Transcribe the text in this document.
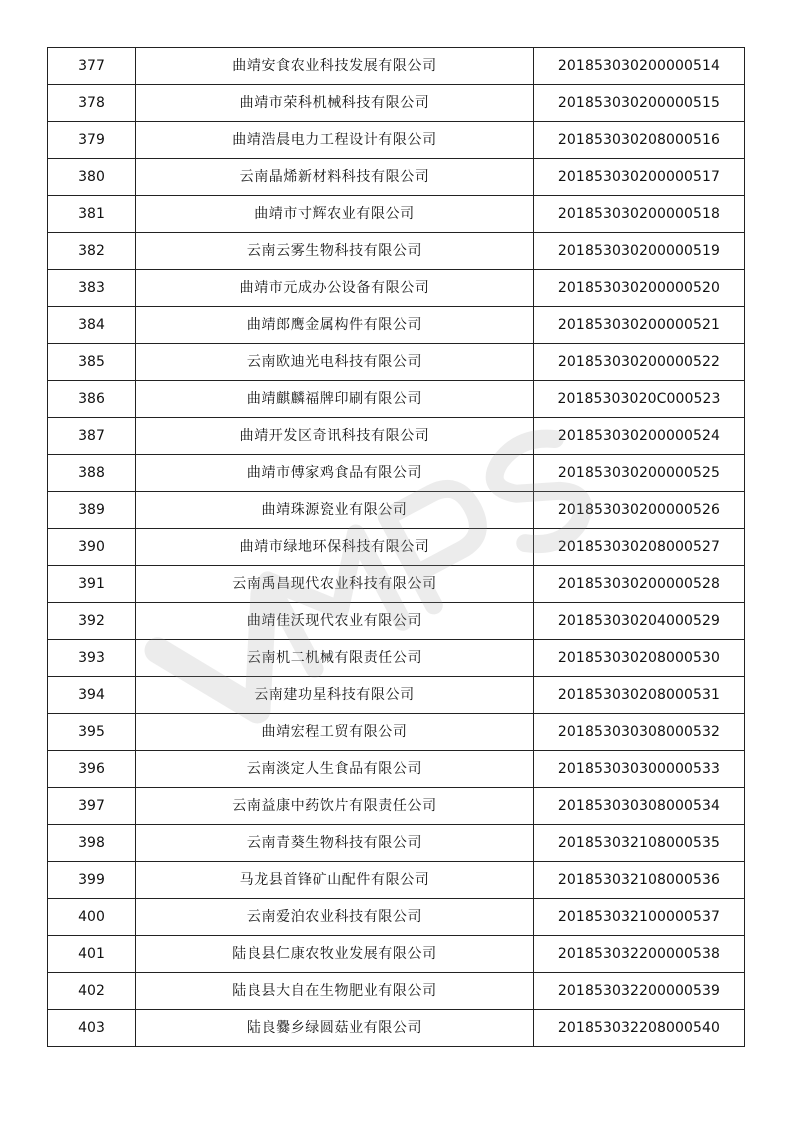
377	曲靖安食农业科技发展有限公司	201853030200000514
378	曲靖市荣科机械科技有限公司	201853030200000515
379	曲靖浩晨电力工程设计有限公司	201853030208000516
380	云南晶烯新材料科技有限公司	201853030200000517
381	曲靖市寸辉农业有限公司	201853030200000518
382	云南云雾生物科技有限公司	201853030200000519
383	曲靖市元成办公设备有限公司	201853030200000520
384	曲靖郎鹰金属构件有限公司	201853030200000521
385	云南欧迪光电科技有限公司	201853030200000522
386	曲靖麒麟福牌印刷有限公司	20185303020C000523
387	曲靖开发区奇讯科技有限公司	201853030200000524
388	曲靖市傅家鸡食品有限公司	201853030200000525
389	曲靖珠源瓷业有限公司	201853030200000526
390	曲靖市绿地环保科技有限公司	201853030208000527
391	云南禹昌现代农业科技有限公司	201853030200000528
392	曲靖佳沃现代农业有限公司	201853030204000529
393	云南机二机械有限责任公司	201853030208000530
394	云南建功星科技有限公司	201853030208000531
395	曲靖宏程工贸有限公司	201853030308000532
396	云南淡定人生食品有限公司	201853030300000533
397	云南益康中药饮片有限责任公司	201853030308000534
398	云南青葵生物科技有限公司	201853032108000535
399	马龙县首锋矿山配件有限公司	201853032108000536
400	云南爱泊农业科技有限公司	201853032100000537
401	陆良县仁康农牧业发展有限公司	201853032200000538
402	陆良县大自在生物肥业有限公司	201853032200000539
403	陆良爨乡绿圆菇业有限公司	201853032208000540
